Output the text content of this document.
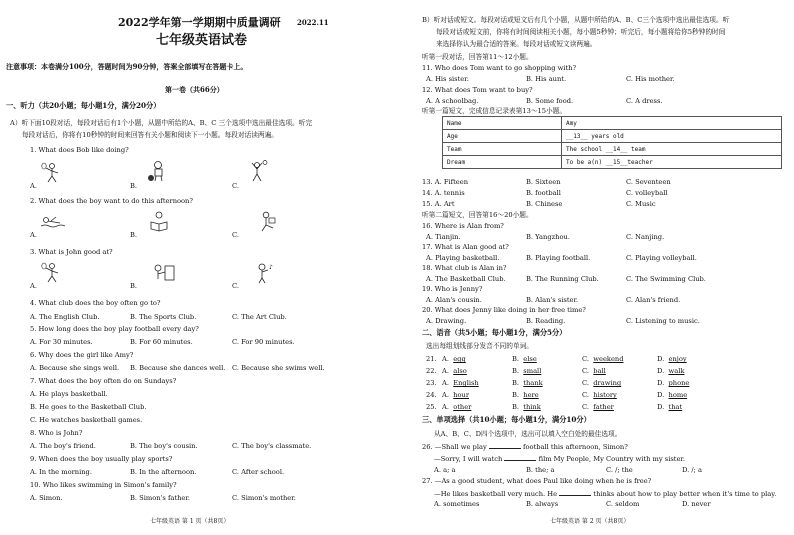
2022学年第一学期期中质量调研 2022.11
七年级英语试卷
注意事项：本卷满分100分，答题时间为90分钟，答案全部填写在答题卡上。
第一卷（共66分）
一、听力（共20小题；每小题1分，满分20分）
A）听下面10段对话，每段对话后有1个小题，从题中所给的A、B、C 三个选项中选出最佳选项。听完
每段对话后，你将有10秒钟的时间来回答有关小题和阅读下一小题。每段对话读两遍。
1. What does Bob like doing?
A.	B.	C.
2. What does the boy want to do this afternoon?
A.	B.	C.
3. What is John good at?
A.	B.	C.
♪
4. What club does the boy often go to?
A. The English Club.	B. The Sports Club.	C. The Art Club.
5. How long does the boy play football every day?
A. For 30 minutes.	B. For 60 minutes.	C. For 90 minutes.
6. Why does the girl like Amy?
A. Because she sings well. B. Because she dances well. C. Because she swims well.
7. What does the boy often do on Sundays?
A. He plays basketball.
B. He goes to the Basketball Club.
C. He watches basketball games.
8. Who is John?
A. The boy's friend.	B. The boy's cousin.	C. The boy's classmate.
9. When does the boy usually play sports?
A. In the morning.	B. In the afternoon.	C. After school.
10. Who likes swimming in Simon's family?
A. Simon.	B. Simon's father.	C. Simon's mother.
七年级英语 第 1 页（共8页）
B）听对话或短文。每段对话或短文后有几个小题，从题中所给的A、B、C三个选项中选出最佳选项。听
每段对话或短文前，你将有时间阅读相关小题，每小题5秒钟；听完后，每小题将给你5秒钟的时间
来选择你认为最合适的答案。每段对话或短文读两遍。
听第一段对话，回答第11～12小题。
11. Who does Tom want to go shopping with?
A. His sister.	B. His aunt.	C. His mother.
12. What does Tom want to buy?
A. A schoolbag.	B. Some food.	C. A dress.
听第一篇短文，完成信息记录表第13～15小题。
Name	Amy
Age	__13__ years old
Team	The school __14__ team
Dream	To be a(n) __15__teacher
13. A. Fifteen	B. Sixteen	C. Seventeen
14. A. tennis	B. football	C. volleyball
15. A. Art	B. Chinese	C. Music
听第二篇短文，回答第16～20小题。
16. Where is Alan from?
A. Tianjin.	B. Yangzhou.	C. Nanjing.
17. What is Alan good at?
A. Playing basketball.	B. Playing football.	C. Playing volleyball.
18. What club is Alan in?
A. The Basketball Club.	B. The Running Club.	C. The Swimming Club.
19. Who is Jenny?
A. Alan's cousin.	B. Alan's sister.	C. Alan's friend.
20. What does Jenny like doing in her free time?
A. Drawing.	B. Reading.	C. Listening to music.
二、语音（共5小题；每小题1分，满分5分）
选出每组划线部分发音不同的单词。
21. A.  egg	B.  else	C.  weekend	D.  enjoy
22. A.  also	B.  small	C.  ball	D.  walk
23. A.  English	B.  thank	C.  drawing	D.  phone
24. A.  hour	B.  here	C.  history	D.  home
25. A.  other	B.  think	C.  father	D.  that
三、单项选择（共10小题；每小题1分，满分10分）
从A、B、C、D四个选项中，选出可以填入空白处的最佳选项。
26. —Shall we play	football this afternoon, Simon?
—Sorry, I will watch	film My People, My Country with my sister.
A. a; a	B. the; a	C. /; the	D. /; a
27. —As a good student, what does Paul like doing when he is free?
—He likes basketball very much. He	thinks about how to play better when it's time to play.
A. sometimes	B. always	C. seldom	D. never
七年级英语 第 2 页（共8页）
